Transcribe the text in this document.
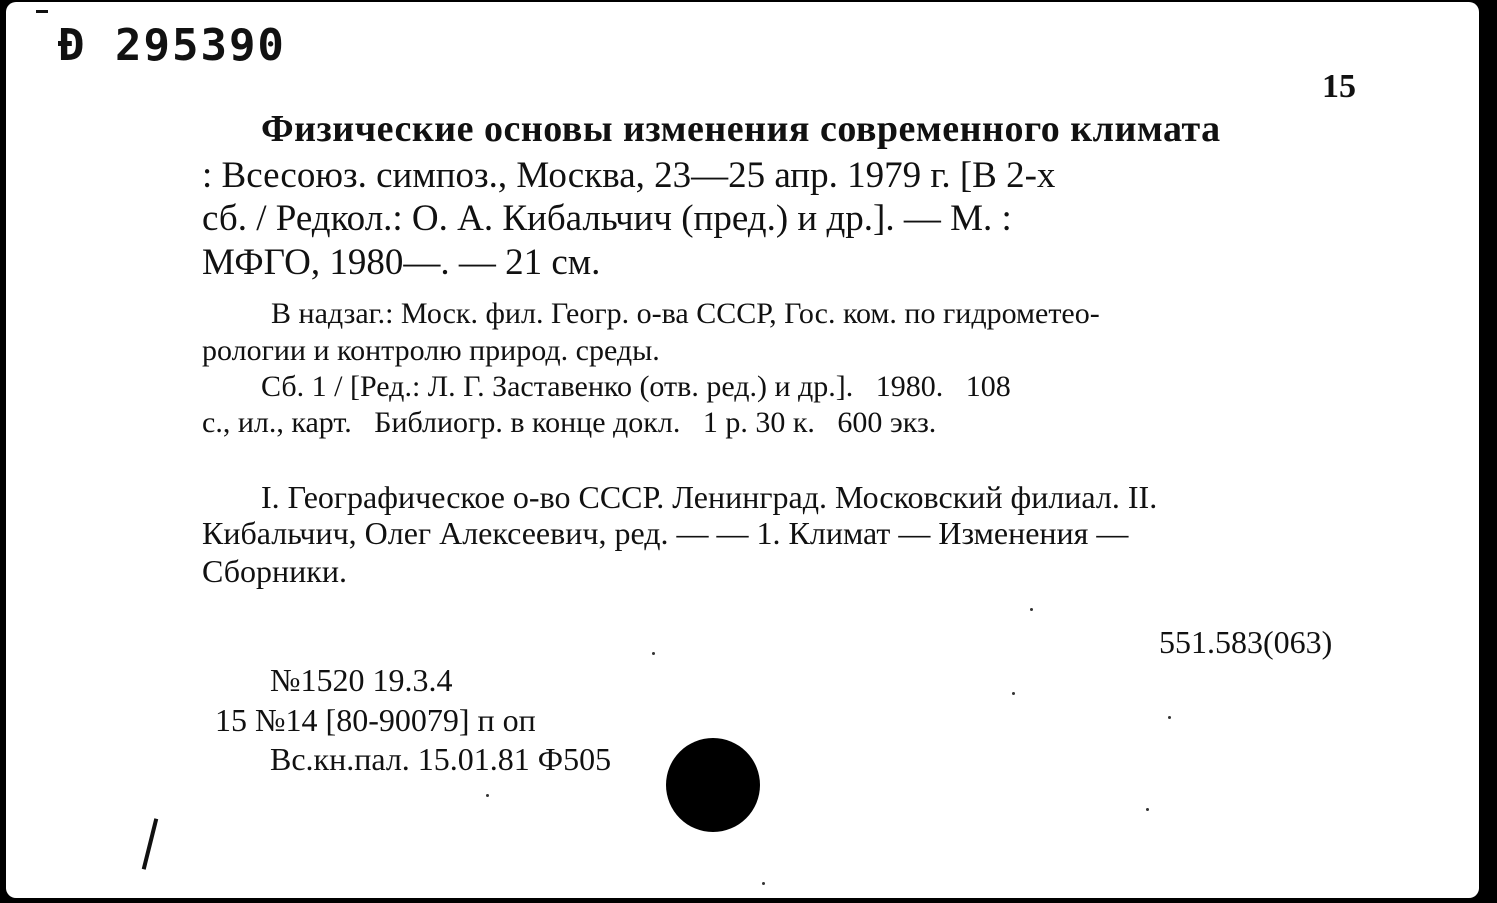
Ð 295390
15
Физические основы изменения современного климата
: Всесоюз. симпоз., Москва, 23—25 апр. 1979 г. [В 2-х
сб. / Редкол.: О. А. Кибальчич (пред.) и др.]. — М. :
МФГО, 1980—. — 21 см.
В надзаг.: Моск. фил. Геогр. о-ва СССР, Гос. ком. по гидрометео-
рологии и контролю природ. среды.
Сб. 1 / [Ред.: Л. Г. Заставенко (отв. ред.) и др.].   1980.   108
с., ил., карт.   Библиогр. в конце докл.   1 р. 30 к.   600 экз.
I. Географическое о-во СССР. Ленинград. Московский филиал. II.
Кибальчич, Олег Алексеевич, ред. — — 1. Климат — Изменения —
Сборники.
551.583(063)
№1520 19.3.4
15 №14 [80-90079] п оп
Вс.кн.пал. 15.01.81 Ф505
